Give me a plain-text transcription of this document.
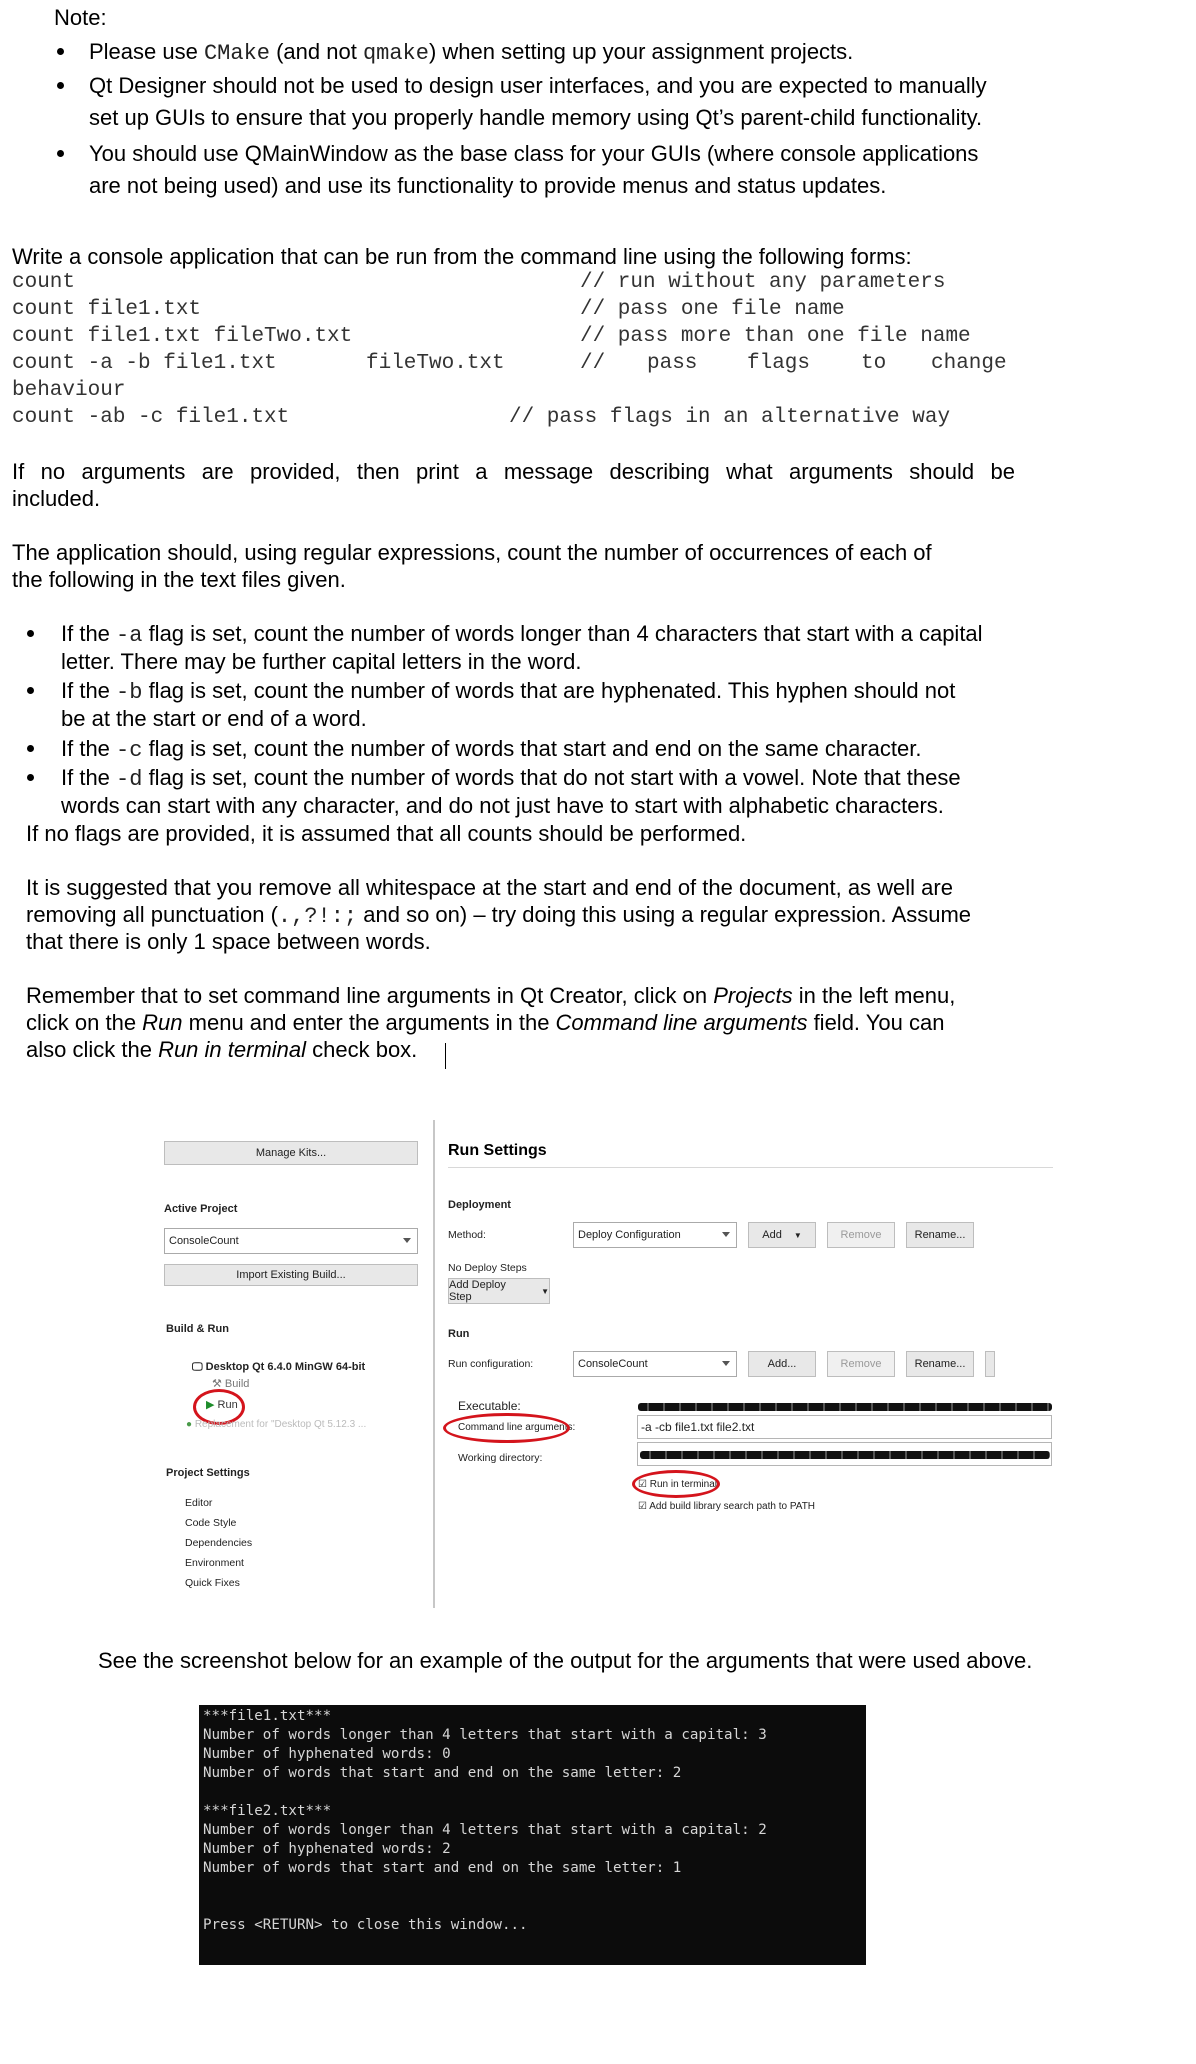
Note:
Please use CMake (and not qmake) when setting up your assignment projects.
Qt Designer should not be used to design user interfaces, and you are expected to manually
set up GUIs to ensure that you properly handle memory using Qt’s parent-child functionality.
You should use QMainWindow as the base class for your GUIs (where console applications
are not being used) and use its functionality to provide menus and status updates.
Write a console application that can be run from the command line using the following forms:
count	// run without any parameters
count file1.txt	// pass one file name
count file1.txt fileTwo.txt	// pass more than one file name
count -a -b file1.txt	fileTwo.txt	// pass flags to change
behaviour
count -ab -c file1.txt	// pass flags in an alternative way
If no arguments are provided, then print a message describing what arguments should be
included.
The application should, using regular expressions, count the number of occurrences of each of
the following in the text files given.
If the -a flag is set, count the number of words longer than 4 characters that start with a capital
letter. There may be further capital letters in the word.
If the -b flag is set, count the number of words that are hyphenated. This hyphen should not
be at the start or end of a word.
If the -c flag is set, count the number of words that start and end on the same character.
If the -d flag is set, count the number of words that do not start with a vowel. Note that these
words can start with any character, and do not just have to start with alphabetic characters.
If no flags are provided, it is assumed that all counts should be performed.
It is suggested that you remove all whitespace at the start and end of the document, as well are
removing all punctuation (.,?!:; and so on) – try doing this using a regular expression. Assume
that there is only 1 space between words.
Remember that to set command line arguments in Qt Creator, click on Projects in the left menu,
click on the Run menu and enter the arguments in the Command line arguments field. You can
also click the Run in terminal check box.
Manage Kits...
Active Project
ConsoleCount
Import Existing Build...
Build & Run
🖵 Desktop Qt 6.4.0 MinGW 64-bit
⚒ Build
▶ Run
● Replacement for "Desktop Qt 5.12.3 ...
Project Settings
Editor
Code Style
Dependencies
Environment
Quick Fixes
Run Settings
Deployment
Method:	Deploy Configuration	Add ▼	Remove	Rename...
No Deploy Steps
Add Deploy Step	▼
Run
Run configuration:	ConsoleCount	Add...	Remove	Rename...
Executable:
Command line arguments:	-a -cb file1.txt file2.txt
Working directory:
☑ Run in terminal
☑ Add build library search path to PATH
See the screenshot below for an example of the output for the arguments that were used above.
***file1.txt***
Number of words longer than 4 letters that start with a capital: 3
Number of hyphenated words: 0
Number of words that start and end on the same letter: 2
***file2.txt***
Number of words longer than 4 letters that start with a capital: 2
Number of hyphenated words: 2
Number of words that start and end on the same letter: 1
Press <RETURN> to close this window...
